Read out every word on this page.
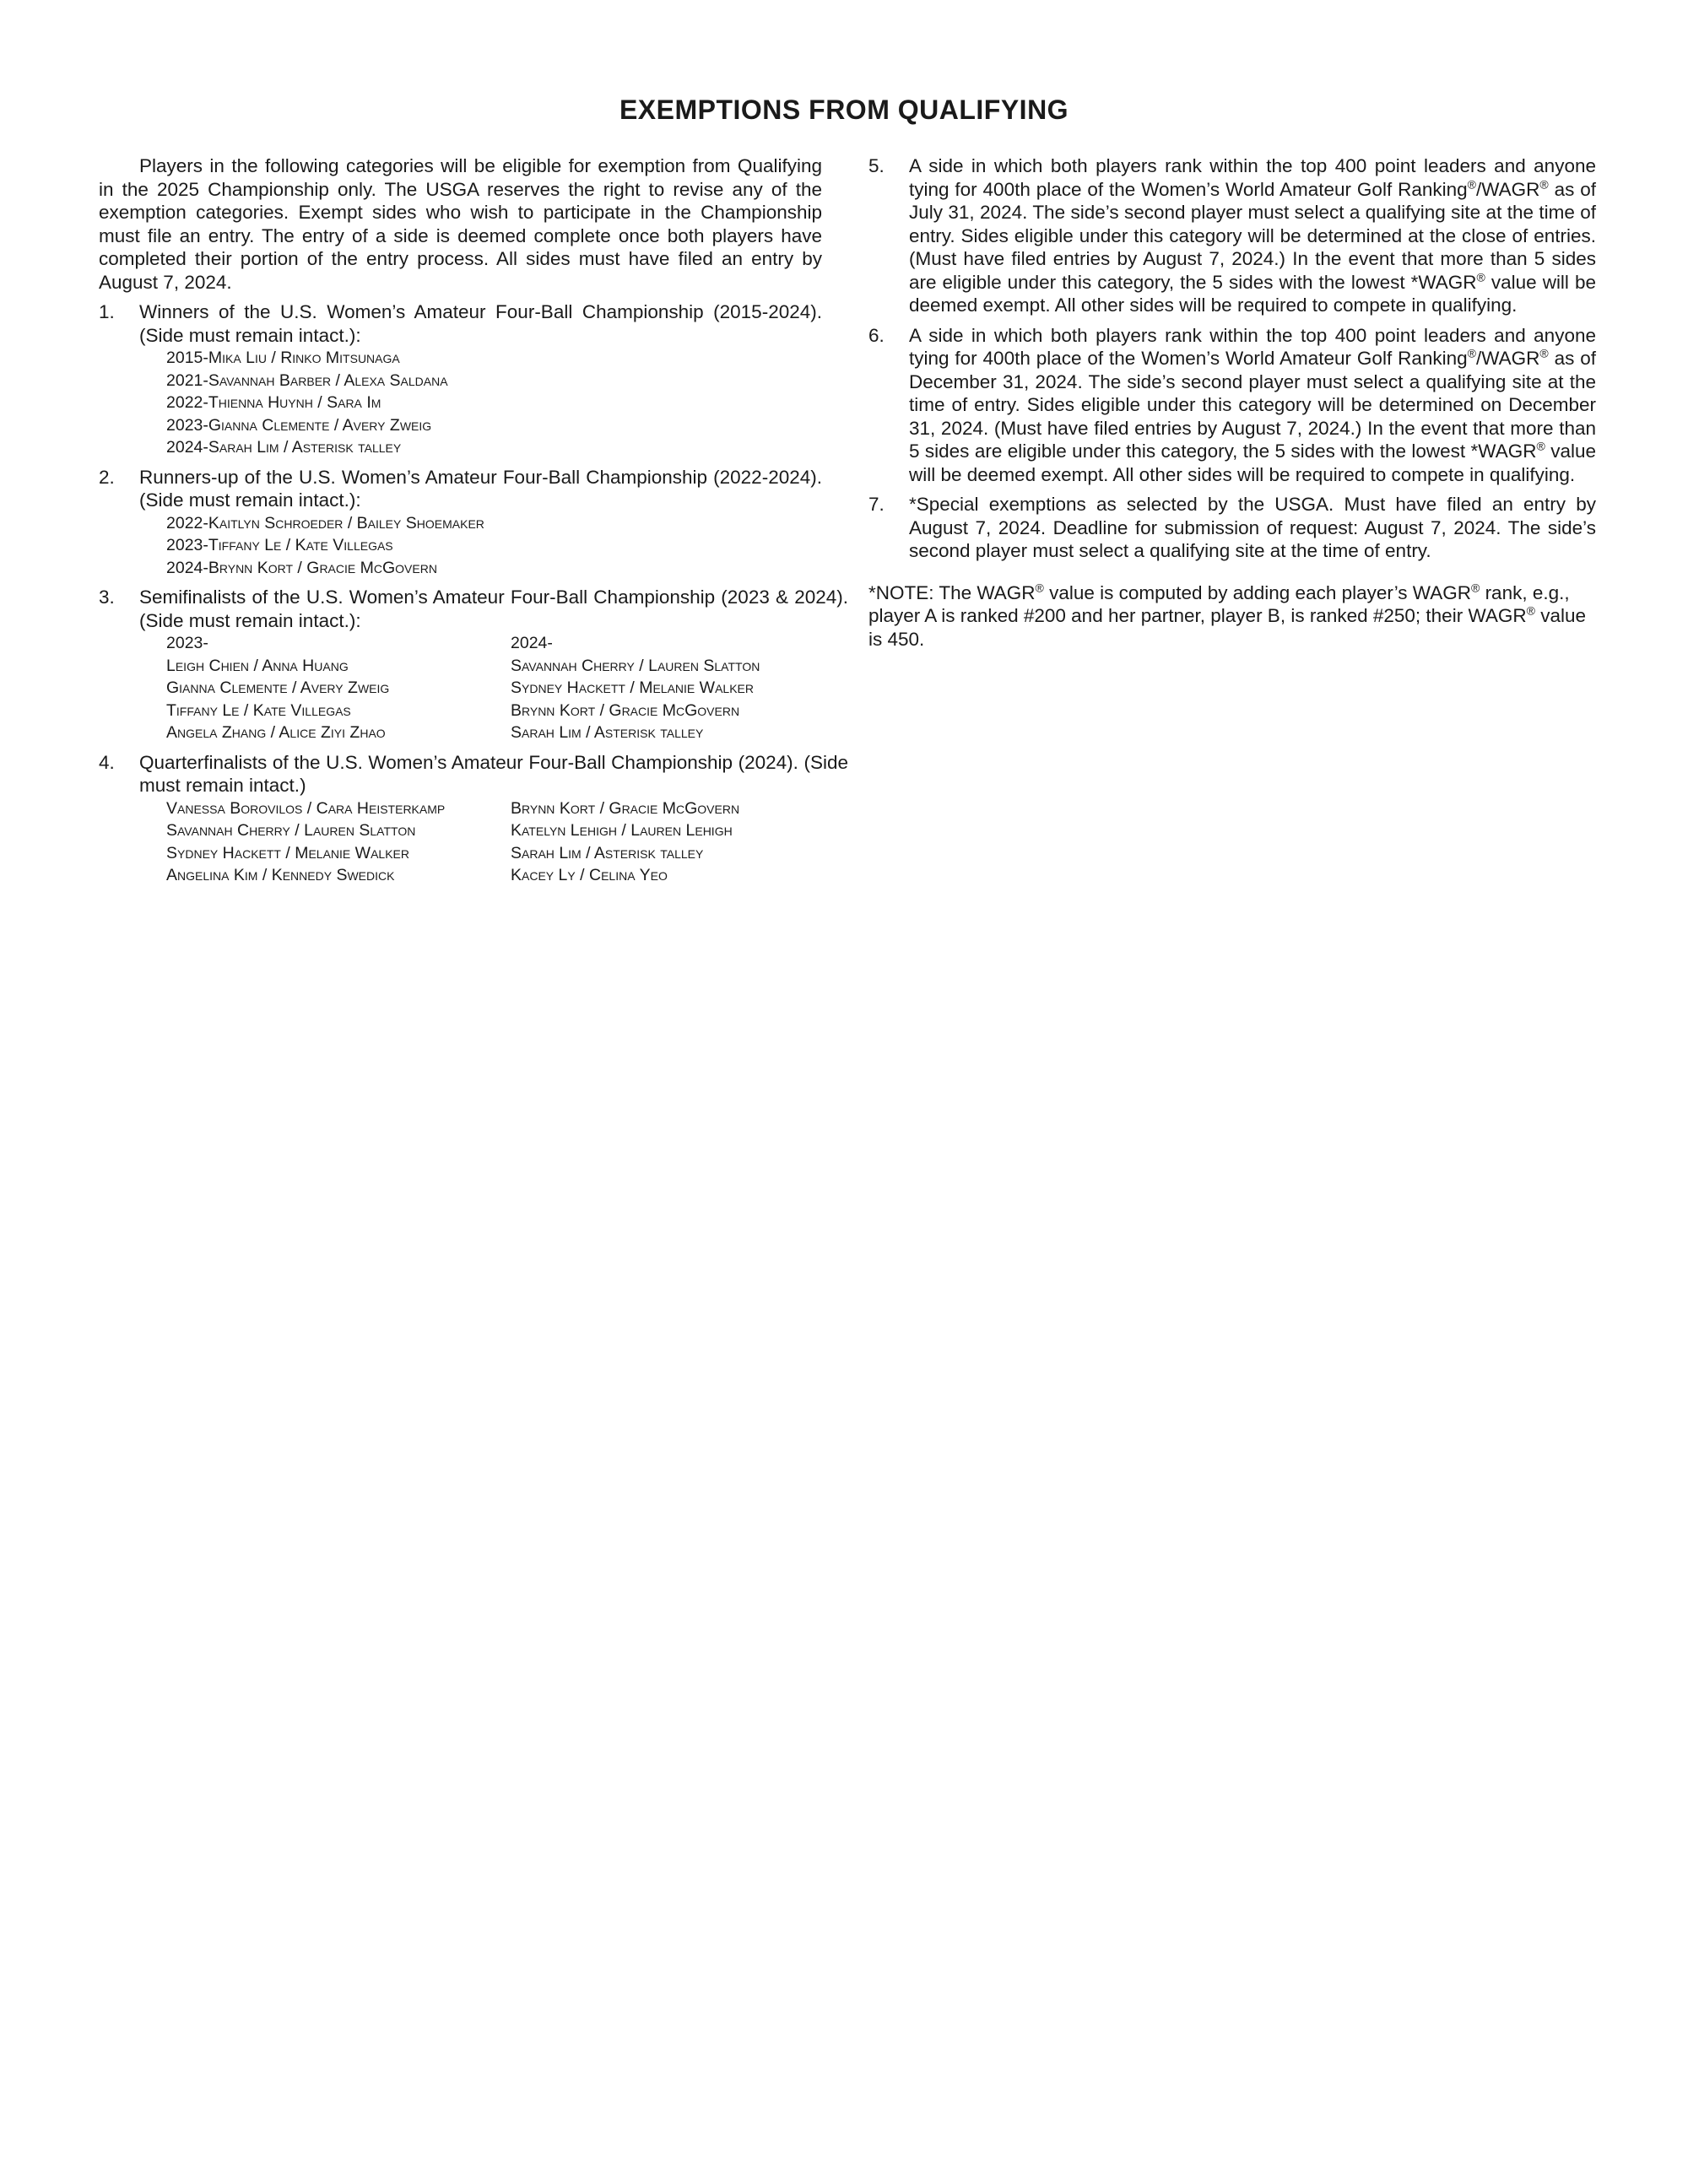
EXEMPTIONS FROM QUALIFYING

Players in the following categories will be eligible for exemption from Qualifying in the 2025 Championship only. The USGA reserves the right to revise any of the exemption categories. Exempt sides who wish to participate in the Championship must file an entry. The entry of a side is deemed complete once both players have completed their portion of the entry process. All sides must have filed an entry by August 7, 2024.

1.	Winners of the U.S. Women’s Amateur Four-Ball Championship (2015-2024). (Side must remain intact.):
2015-Mika Liu / Rinko Mitsunaga
2021-Savannah Barber / Alexa Saldana
2022-Thienna Huynh / Sara Im
2023-Gianna Clemente / Avery Zweig
2024-Sarah Lim / Asterisk talley
2.	Runners-up of the U.S. Women’s Amateur Four-Ball Championship (2022-2024). (Side must remain intact.):
2022-Kaitlyn Schroeder / Bailey Shoemaker
2023-Tiffany Le / Kate Villegas
2024-Brynn Kort / Gracie McGovern
3.	Semifinalists of the U.S. Women’s Amateur Four-Ball Championship (2023 & 2024). (Side must remain intact.):
2023-	2024-
Leigh Chien / Anna Huang	Savannah Cherry / Lauren Slatton
Gianna Clemente / Avery Zweig	Sydney Hackett / Melanie Walker
Tiffany Le / Kate Villegas	Brynn Kort / Gracie McGovern
Angela Zhang / Alice Ziyi Zhao	Sarah Lim / Asterisk talley
4.	Quarterfinalists of the U.S. Women’s Amateur Four-Ball Championship (2024). (Side must remain intact.)
Vanessa Borovilos / Cara Heisterkamp	Brynn Kort / Gracie McGovern
Savannah Cherry / Lauren Slatton	Katelyn Lehigh / Lauren Lehigh
Sydney Hackett / Melanie Walker	Sarah Lim / Asterisk talley
Angelina Kim / Kennedy Swedick	Kacey Ly / Celina Yeo
5.	A side in which both players rank within the top 400 point leaders and anyone tying for 400th place of the Women’s World Amateur Golf Ranking®/WAGR® as of July 31, 2024. The side’s second player must select a qualifying site at the time of entry. Sides eligible under this category will be determined at the close of entries. (Must have filed entries by August 7, 2024.) In the event that more than 5 sides are eligible under this category, the 5 sides with the lowest *WAGR® value will be deemed exempt. All other sides will be required to compete in qualifying.

6.	A side in which both players rank within the top 400 point leaders and anyone tying for 400th place of the Women’s World Amateur Golf Ranking®/WAGR® as of December 31, 2024. The side’s second player must select a qualifying site at the time of entry. Sides eligible under this category will be determined on December 31, 2024. (Must have filed entries by August 7, 2024.) In the event that more than 5 sides are eligible under this category, the 5 sides with the lowest *WAGR® value will be deemed exempt. All other sides will be required to compete in qualifying.

7.	*Special exemptions as selected by the USGA. Must have filed an entry by August 7, 2024. Deadline for submission of request: August 7, 2024. The side’s second player must select a qualifying site at the time of entry.

*NOTE: The WAGR® value is computed by adding each player’s WAGR® rank, e.g., player A is ranked #200 and her partner, player B, is ranked #250; their WAGR® value is 450.
